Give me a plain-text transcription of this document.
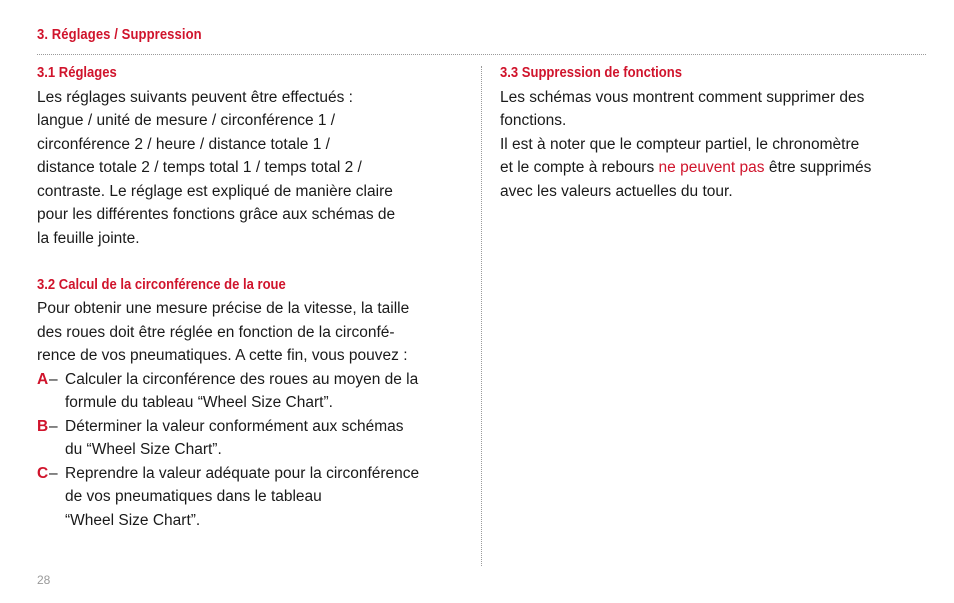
3. Réglages / Suppression
3.1 Réglages

Les réglages suivants peuvent être effectués :

langue / unité de mesure / circonférence 1 /

circonférence 2 / heure / distance totale 1 /

distance totale 2 / temps total 1 / temps total 2 /

contraste. Le réglage est expliqué de manière claire

pour les différentes fonctions grâce aux schémas de

la feuille jointe.

3.2 Calcul de la circonférence de la roue

Pour obtenir une mesure précise de la vitesse, la taille

des roues doit être réglée en fonction de la circonfé-

rence de vos pneumatiques. A cette fin, vous pouvez :

A – Calculer la circonférence des roues au moyen de la

formule du tableau “Wheel Size Chart”.

B – Déterminer la valeur conformément aux schémas

du “Wheel Size Chart”.

C – Reprendre la valeur adéquate pour la circonférence

de vos pneumatiques dans le tableau

“Wheel Size Chart”.

3.3 Suppression de fonctions

Les schémas vous montrent comment supprimer des

fonctions.

Il est à noter que le compteur partiel, le chronomètre

et le compte à rebours ne peuvent pas être supprimés

avec les valeurs actuelles du tour.

28
